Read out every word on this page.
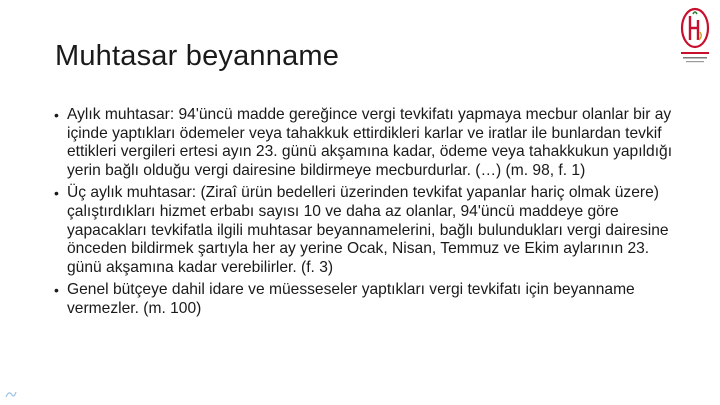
Muhtasar beyanname
• Aylık muhtasar: 94'üncü madde gereğince vergi tevkifatı yapmaya mecbur olanlar bir ay içinde yaptıkları ödemeler veya tahakkuk ettirdikleri karlar ve iratlar ile bunlardan tevkif ettikleri vergileri ertesi ayın 23. günü akşamına kadar, ödeme veya tahakkukun yapıldığı yerin bağlı olduğu vergi dairesine bildirmeye mecburdurlar. (…) (m. 98, f. 1)
• Üç aylık muhtasar: (Ziraî ürün bedelleri üzerinden tevkifat yapanlar hariç olmak üzere) çalıştırdıkları hizmet erbabı sayısı 10 ve daha az olanlar, 94'üncü maddeye göre yapacakları tevkifatla ilgili muhtasar beyannamelerini, bağlı bulundukları vergi dairesine önceden bildirmek şartıyla her ay yerine Ocak, Nisan, Temmuz ve Ekim aylarının 23. günü akşamına kadar verebilirler. (f. 3)
• Genel bütçeye dahil idare ve müesseseler yaptıkları vergi tevkifatı için beyanname vermezler. (m. 100)
